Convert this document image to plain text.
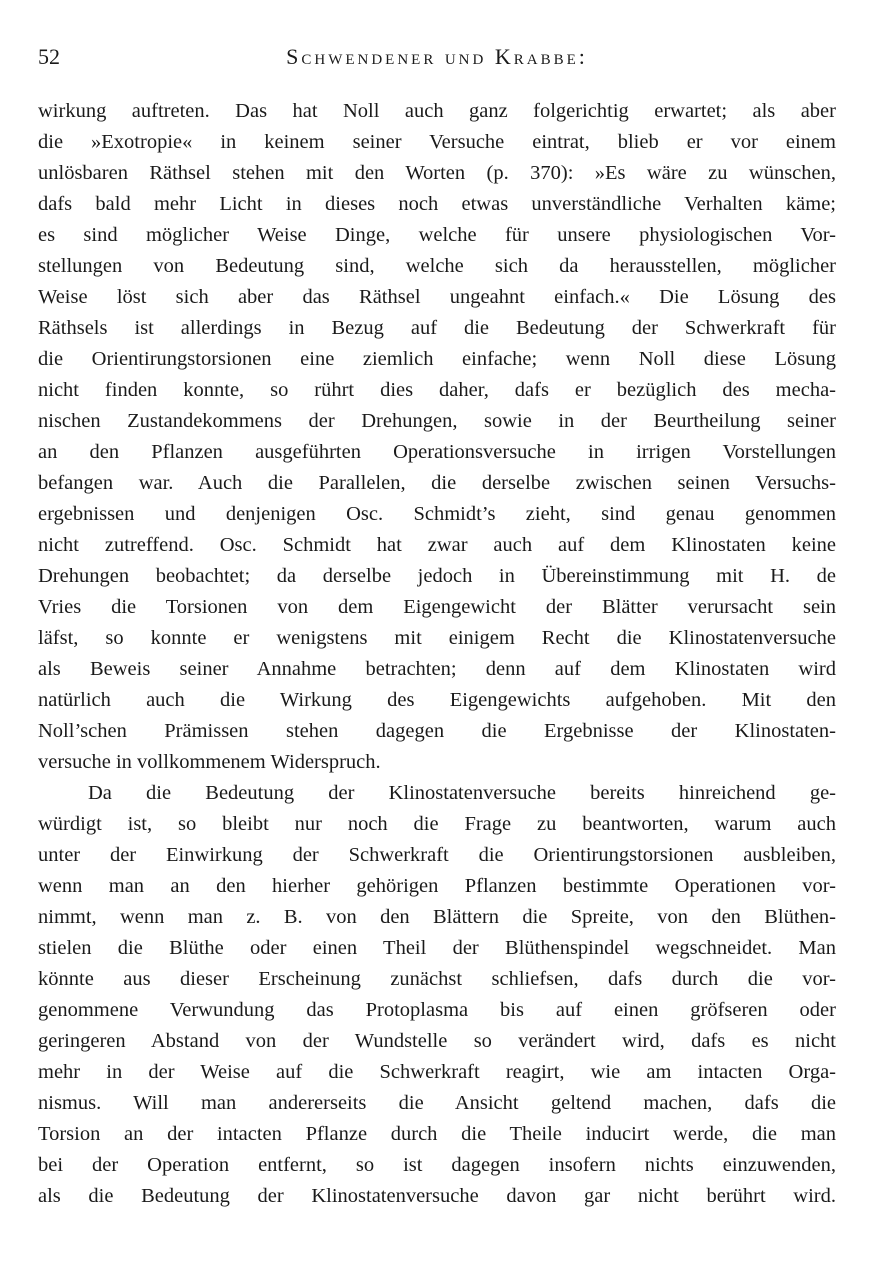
52	Schwendener und Krabbe:
wirkung auftreten. Das hat Noll auch ganz folgerichtig erwartet; als aber
die »Exotropie« in keinem seiner Versuche eintrat, blieb er vor einem
unlösbaren Räthsel stehen mit den Worten (p. 370): »Es wäre zu wünschen,
dafs bald mehr Licht in dieses noch etwas unverständliche Verhalten käme;
es sind möglicher Weise Dinge, welche für unsere physiologischen Vor-
stellungen von Bedeutung sind, welche sich da herausstellen, möglicher
Weise löst sich aber das Räthsel ungeahnt einfach.« Die Lösung des
Räthsels ist allerdings in Bezug auf die Bedeutung der Schwerkraft für
die Orientirungstorsionen eine ziemlich einfache; wenn Noll diese Lösung
nicht finden konnte, so rührt dies daher, dafs er bezüglich des mecha-
nischen Zustandekommens der Drehungen, sowie in der Beurtheilung seiner
an den Pflanzen ausgeführten Operationsversuche in irrigen Vorstellungen
befangen war. Auch die Parallelen, die derselbe zwischen seinen Versuchs-
ergebnissen und denjenigen Osc. Schmidt’s zieht, sind genau genommen
nicht zutreffend. Osc. Schmidt hat zwar auch auf dem Klinostaten keine
Drehungen beobachtet; da derselbe jedoch in Übereinstimmung mit H. de
Vries die Torsionen von dem Eigengewicht der Blätter verursacht sein
läfst, so konnte er wenigstens mit einigem Recht die Klinostatenversuche
als Beweis seiner Annahme betrachten; denn auf dem Klinostaten wird
natürlich auch die Wirkung des Eigengewichts aufgehoben. Mit den
Noll’schen Prämissen stehen dagegen die Ergebnisse der Klinostaten-
versuche in vollkommenem Widerspruch.
Da die Bedeutung der Klinostatenversuche bereits hinreichend ge-
würdigt ist, so bleibt nur noch die Frage zu beantworten, warum auch
unter der Einwirkung der Schwerkraft die Orientirungstorsionen ausbleiben,
wenn man an den hierher gehörigen Pflanzen bestimmte Operationen vor-
nimmt, wenn man z. B. von den Blättern die Spreite, von den Blüthen-
stielen die Blüthe oder einen Theil der Blüthenspindel wegschneidet. Man
könnte aus dieser Erscheinung zunächst schliefsen, dafs durch die vor-
genommene Verwundung das Protoplasma bis auf einen gröfseren oder
geringeren Abstand von der Wundstelle so verändert wird, dafs es nicht
mehr in der Weise auf die Schwerkraft reagirt, wie am intacten Orga-
nismus. Will man andererseits die Ansicht geltend machen, dafs die
Torsion an der intacten Pflanze durch die Theile inducirt werde, die man
bei der Operation entfernt, so ist dagegen insofern nichts einzuwenden,
als die Bedeutung der Klinostatenversuche davon gar nicht berührt wird.
